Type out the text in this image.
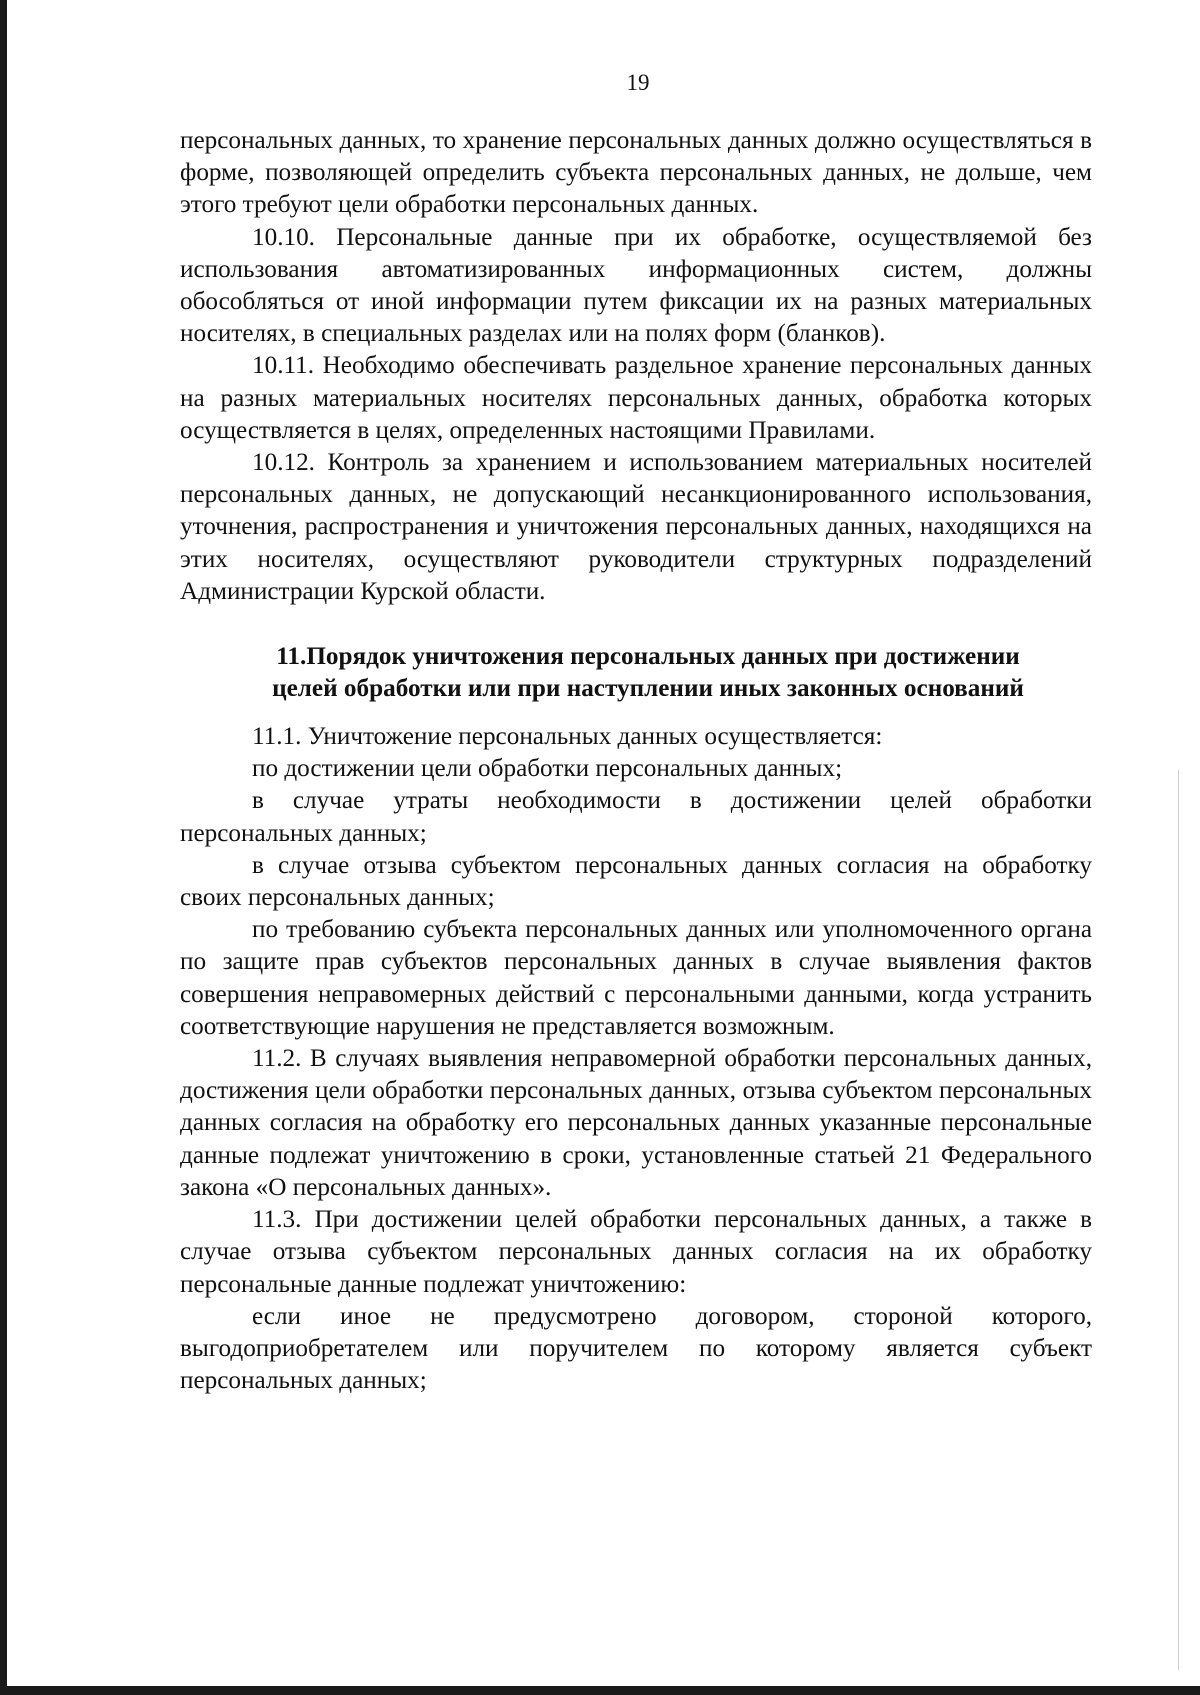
19

персональных данных, то хранение персональных данных должно осуществляться в форме, позволяющей определить субъекта персональных данных, не дольше, чем этого требуют цели обработки персональных данных.

10.10. Персональные данные при их обработке, осуществляемой без использования автоматизированных информационных систем, должны обособляться от иной информации путем фиксации их на разных материальных носителях, в специальных разделах или на полях форм (бланков).

10.11. Необходимо обеспечивать раздельное хранение персональных данных на разных материальных носителях персональных данных, обработка которых осуществляется в целях, определенных настоящими Правилами.

10.12. Контроль за хранением и использованием материальных носителей персональных данных, не допускающий несанкционированного использования, уточнения, распространения и уничтожения персональных данных, находящихся на этих носителях, осуществляют руководители структурных подразделений Администрации Курской области.

11.Порядок уничтожения персональных данных при достижении
целей обработки или при наступлении иных законных оснований

11.1. Уничтожение персональных данных осуществляется:

по достижении цели обработки персональных данных;

в случае утраты необходимости в достижении целей обработки персональных данных;

в случае отзыва субъектом персональных данных согласия на обработку своих персональных данных;

по требованию субъекта персональных данных или уполномоченного органа по защите прав субъектов персональных данных в случае выявления фактов совершения неправомерных действий с персональными данными, когда устранить соответствующие нарушения не представляется возможным.

11.2. В случаях выявления неправомерной обработки персональных данных, достижения цели обработки персональных данных, отзыва субъектом персональных данных согласия на обработку его персональных данных указанные персональные данные подлежат уничтожению в сроки, установленные статьей 21 Федерального закона «О персональных данных».

11.3. При достижении целей обработки персональных данных, а также в случае отзыва субъектом персональных данных согласия на их обработку персональные данные подлежат уничтожению:

если иное не предусмотрено договором, стороной которого, выгодоприобретателем или поручителем по которому является субъект персональных данных;
